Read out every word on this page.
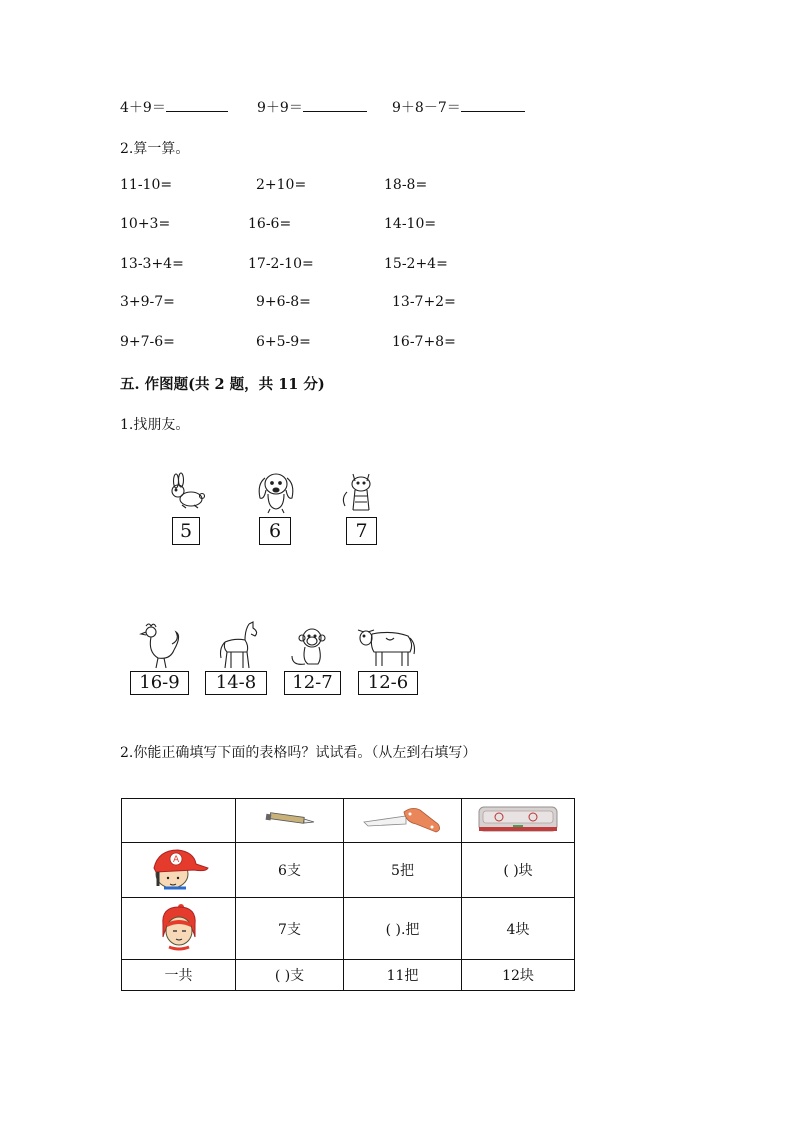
4＋9＝	9＋9＝	9＋8－7＝
2.算一算。
11-10=	2+10=	18-8=
10+3=	16-6=	14-10=
13-3+4=	17-2-10=	15-2+4=
3+9-7=	9+6-8=	13-7+2=
9+7-6=	6+5-9=	16-7+8=
五. 作图题(共 2 题，共 11 分)
1.找朋友。
5	6	7
16-9	14-8	12-7	12-6
2.你能正确填写下面的表格吗？试试看。（从左到右填写）

A	6支	5把	( )块
	7支	( ).把	4块
一共	( )支	11把	12块
